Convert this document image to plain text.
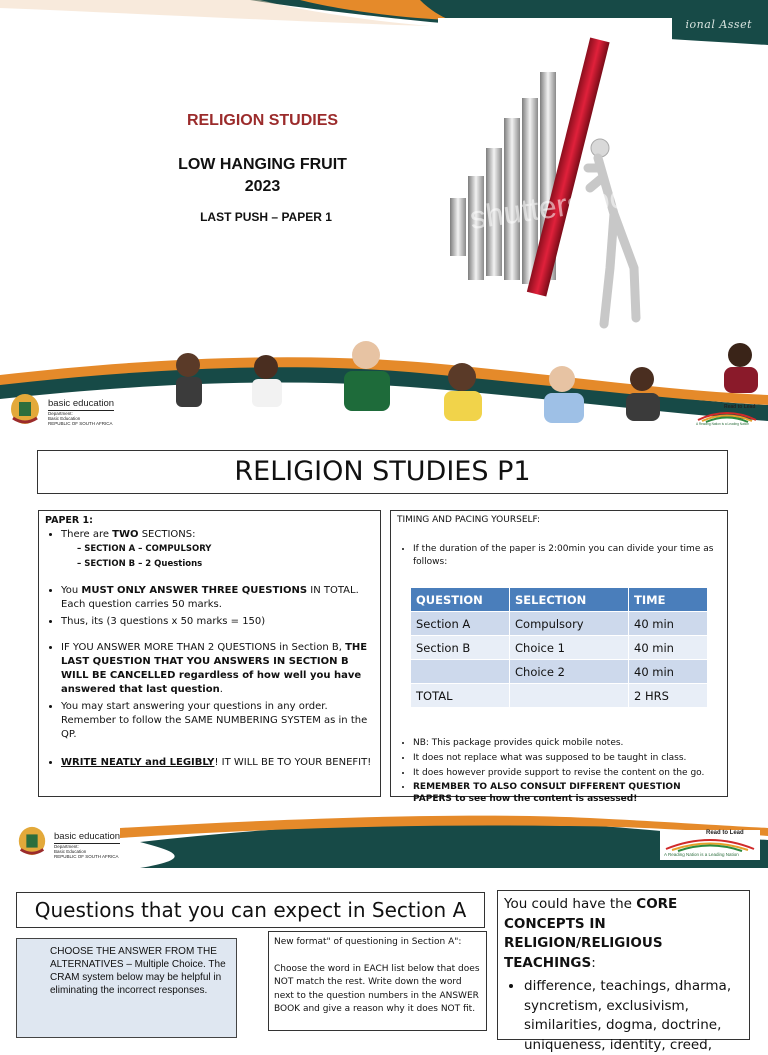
ional Asset
shutterstock
RELIGION STUDIES
LOW HANGING FRUIT
2023
LAST PUSH – PAPER 1
basic education
Department:
Basic Education
REPUBLIC OF SOUTH AFRICA
Read to Lead
A Reading Nation is a Leading Nation
RELIGION STUDIES P1
PAPER 1:
• There are TWO SECTIONS:
– SECTION A – COMPULSORY
– SECTION B – 2 Questions
• You MUST ONLY ANSWER THREE QUESTIONS IN TOTAL. Each question carries 50 marks.
• Thus, its (3 questions x 50 marks = 150)
• IF YOU ANSWER MORE THAN 2 QUESTIONS in Section B, THE LAST QUESTION THAT YOU ANSWERS IN SECTION B WILL BE CANCELLED regardless of how well you have answered that last question.
• You may start answering your questions in any order. Remember to follow the SAME NUMBERING SYSTEM as in the QP.
• WRITE NEATLY and LEGIBLY! IT WILL BE TO YOUR BENEFIT!
TIMING AND PACING YOURSELF:
• If the duration of the paper is 2:00min you can divide your time as follows:
QUESTION	SELECTION	TIME
Section A	Compulsory	40 min
Section B	Choice 1	40 min
	Choice 2	40 min
TOTAL		2 HRS
• NB: This package provides quick mobile notes.
• It does not replace what was supposed to be taught in class.
• It does however provide support to revise the content on the go.
• REMEMBER TO ALSO CONSULT DIFFERENT QUESTION PAPERS to see how the content is assessed!
basic education
Department:
Basic Education
REPUBLIC OF SOUTH AFRICA
Read to Lead
A Reading Nation is a Leading Nation
Questions that you can expect in Section A
CHOOSE THE ANSWER FROM THE ALTERNATIVES – Multiple Choice. The CRAM system below may be helpful in eliminating the incorrect responses.
New format" of questioning in Section A":
Choose the word in EACH list below that does NOT match the rest. Write down the word next to the question numbers in the ANSWER BOOK and give a reason why it does NOT fit.
You could have the CORE CONCEPTS IN RELIGION/RELIGIOUS TEACHINGS:
• difference, teachings, dharma, syncretism, exclusivism, similarities, dogma, doctrine, uniqueness, identity, creed,
